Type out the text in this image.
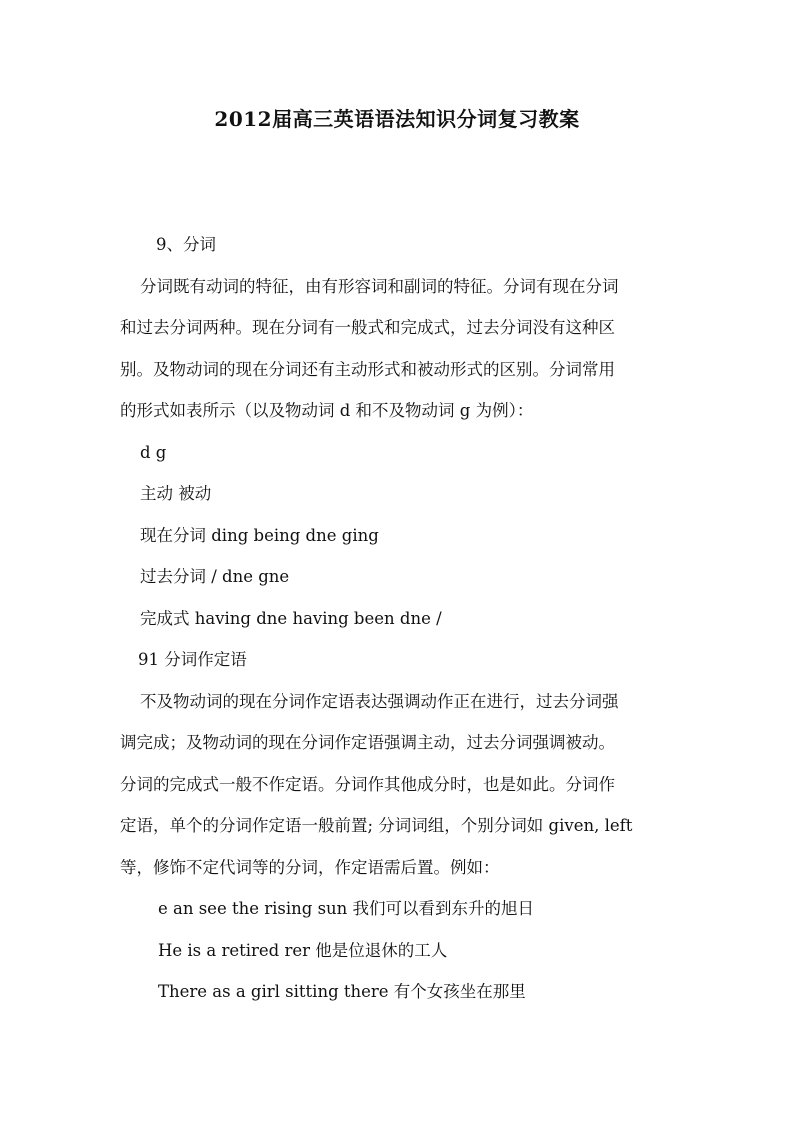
2012届高三英语语法知识分词复习教案
9、分词
分词既有动词的特征，由有形容词和副词的特征。分词有现在分词
和过去分词两种。现在分词有一般式和完成式，过去分词没有这种区
别。及物动词的现在分词还有主动形式和被动形式的区别。分词常用
的形式如表所示（以及物动词 d 和不及物动词 g 为例）：
d g
主动 被动
现在分词 ding being dne ging
过去分词 / dne gne
完成式 having dne having been dne /
91 分词作定语
不及物动词的现在分词作定语表达强调动作正在进行，过去分词强
调完成；及物动词的现在分词作定语强调主动，过去分词强调被动。
分词的完成式一般不作定语。分词作其他成分时，也是如此。分词作
定语，单个的分词作定语一般前置; 分词词组，个别分词如 given, left
等，修饰不定代词等的分词，作定语需后置。例如：
e an see the rising sun 我们可以看到东升的旭日
He is a retired rer 他是位退休的工人
There as a girl sitting there 有个女孩坐在那里
